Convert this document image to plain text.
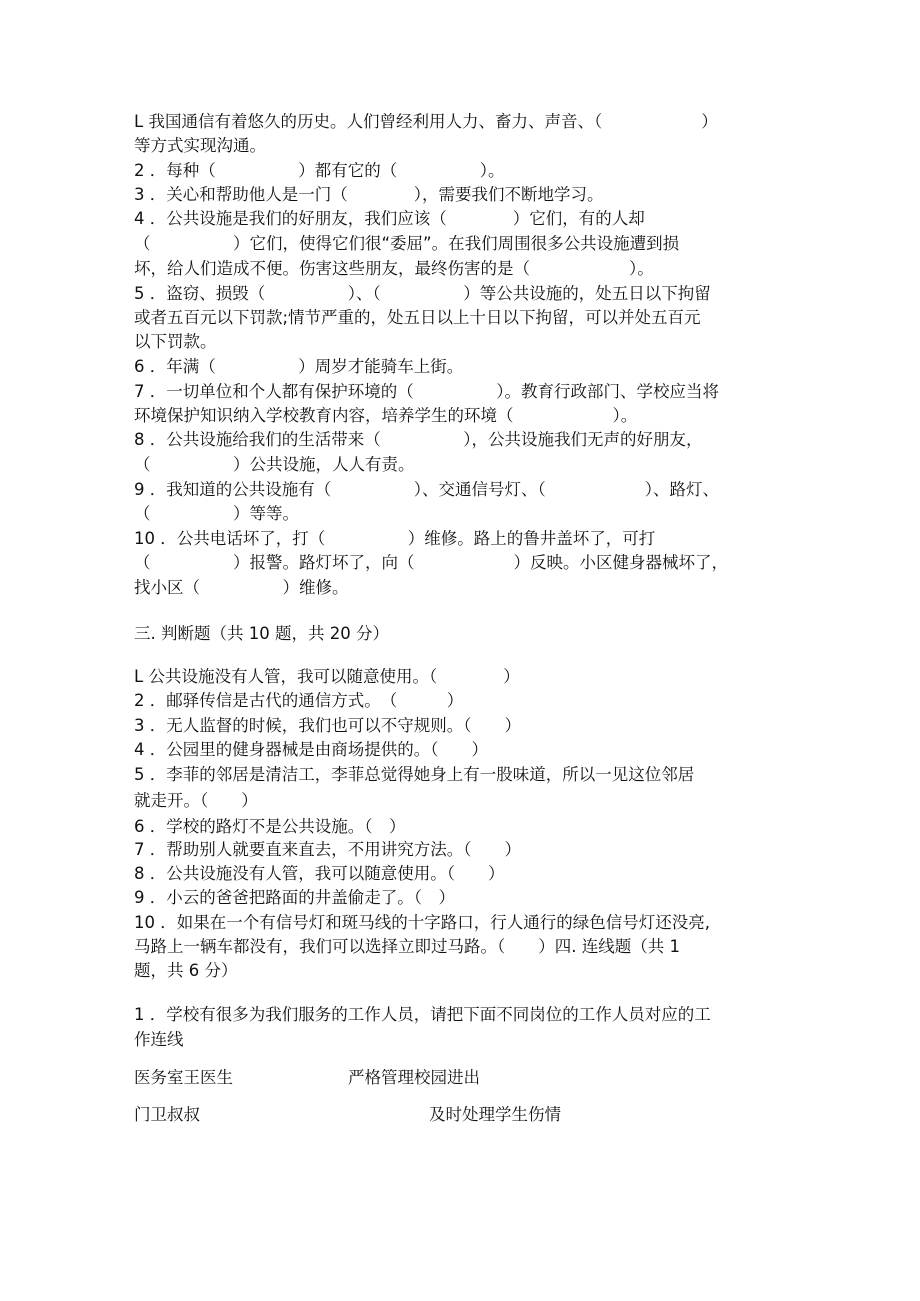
L 我国通信有着悠久的历史。人们曾经利用人力、畜力、声音、（　　　　　　）
等方式实现沟通。
2 ．每种（　　　　　）都有它的（　　　　　）。
3 ．关心和帮助他人是一门（　　　　），需要我们不断地学习。
4 ．公共设施是我们的好朋友，我们应该（　　　　）它们，有的人却
（　　　　　）它们，使得它们很“委屈”。在我们周围很多公共设施遭到损
坏，给人们造成不便。伤害这些朋友，最终伤害的是（　　　　　　）。
5 ．盗窃、损毁（　　　　　）、（　　　　　）等公共设施的，处五日以下拘留
或者五百元以下罚款;情节严重的，处五日以上十日以下拘留，可以并处五百元
以下罚款。
6 ．年满（　　　　　）周岁才能骑车上街。
7 ．一切单位和个人都有保护环境的（　　　　　）。教育行政部门、学校应当将
环境保护知识纳入学校教育内容，培养学生的环境（　　　　　　）。
8 ．公共设施给我们的生活带来（　　　　　），公共设施我们无声的好朋友，
（　　　　　）公共设施，人人有责。
9 ．我知道的公共设施有（　　　　　）、交通信号灯、（　　　　　　）、路灯、
（　　　　　）等等。
10 ．公共电话坏了，打（　　　　　）维修。路上的鲁井盖坏了，可打
（　　　　　）报警。路灯坏了，向（　　　　　　）反映。小区健身器械坏了，
找小区（　　　　　）维修。
三. 判断题（共 10 题，共 20 分）
L 公共设施没有人管，我可以随意使用。（　　　　）
2 ．邮驿传信是古代的通信方式。　（　　　）
3 ．无人监督的时候，我们也可以不守规则。（　　）
4 ．公园里的健身器械是由商场提供的。（　　）
5 ．李菲的邻居是清洁工，李菲总觉得她身上有一股味道，所以一见这位邻居
就走开。（　　）
6 ．学校的路灯不是公共设施。（　）
7 ．帮助别人就要直来直去，不用讲究方法。（　　）
8 ．公共设施没有人管，我可以随意使用。（　　）
9 ．小云的爸爸把路面的井盖偷走了。（　）
10 ．如果在一个有信号灯和斑马线的十字路口，行人通行的绿色信号灯还没亮,
马路上一辆车都没有，我们可以选择立即过马路。（　　）四. 连线题（共 1
题，共 6 分）
1 ．学校有很多为我们服务的工作人员，请把下面不同岗位的工作人员对应的工
作连线
医务室王医生	严格管理校园进出
门卫叔叔	及时处理学生伤情
